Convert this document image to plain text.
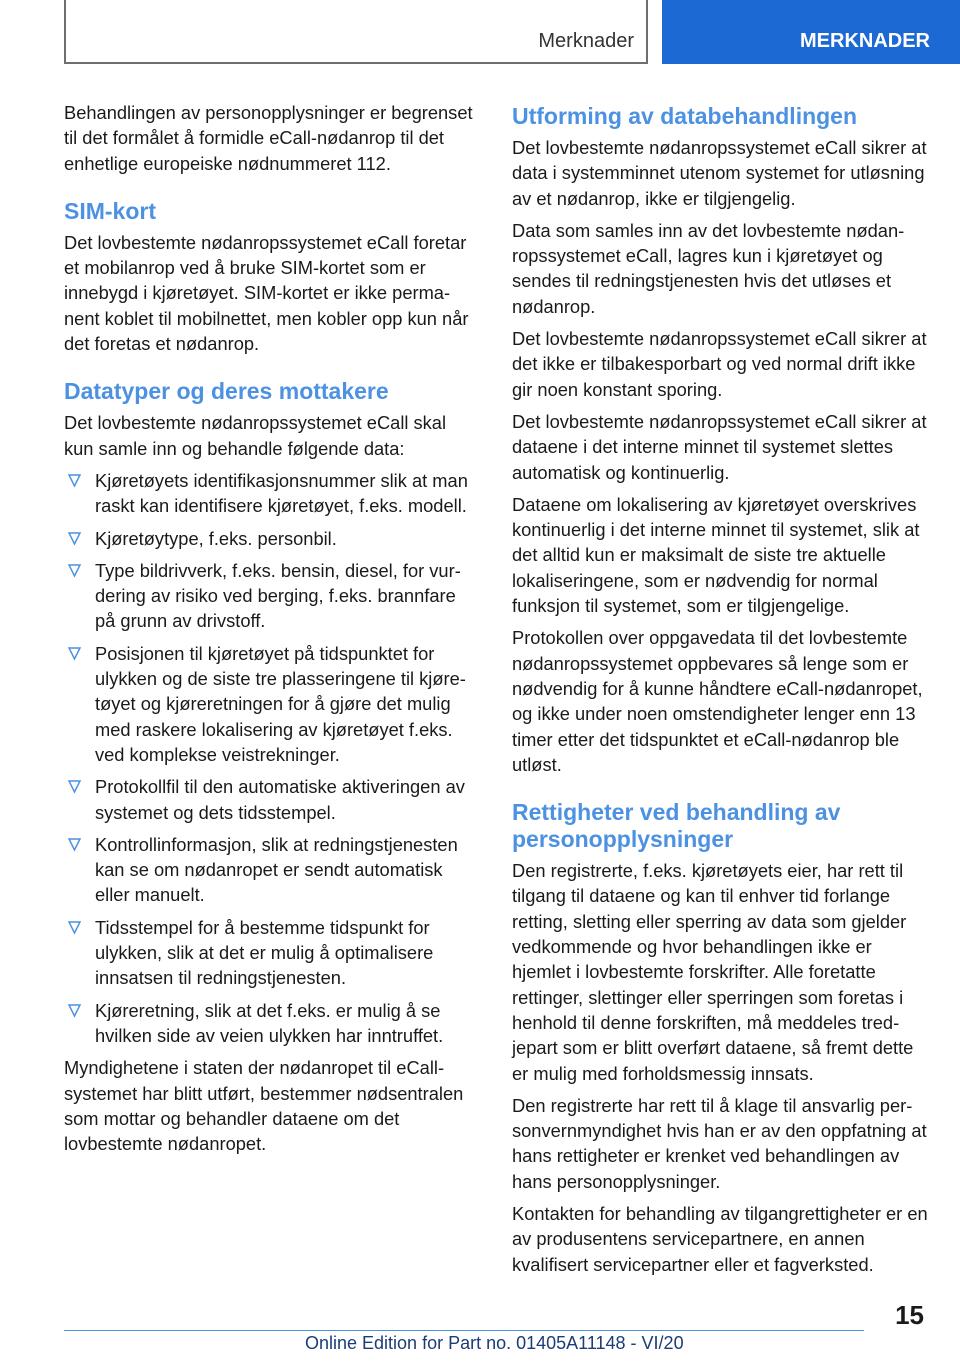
Merknader	MERKNADER

Behandlingen av personopplysninger er begrenset til det formålet å formidle eCall-nødanrop til det enhetlige europeiske nødnummeret 112.

SIM-kort

Det lovbestemte nødanropssystemet eCall foretar et mobilanrop ved å bruke SIM-kortet som er innebygd i kjøretøyet. SIM-kortet er ikke permanent koblet til mobilnettet, men kobler opp kun når det foretas et nødanrop.

Datatyper og deres mottakere

Det lovbestemte nødanropssystemet eCall skal kun samle inn og behandle følgende data:

Kjøretøyets identifikasjonsnummer slik at man raskt kan identifisere kjøretøyet, f.eks. modell.
Kjøretøytype, f.eks. personbil.
Type bildrivverk, f.eks. bensin, diesel, for vurdering av risiko ved berging, f.eks. brannfare på grunn av drivstoff.
Posisjonen til kjøretøyet på tidspunktet for ulykken og de siste tre plasseringene til kjøretøyet og kjøreretningen for å gjøre det mulig med raskere lokalisering av kjøretøyet f.eks. ved komplekse veistrekninger.
Protokollfil til den automatiske aktiveringen av systemet og dets tidsstempel.
Kontrollinformasjon, slik at redningstjenesten kan se om nødanropet er sendt automatisk eller manuelt.
Tidsstempel for å bestemme tidspunkt for ulykken, slik at det er mulig å optimalisere innsatsen til redningstjenesten.
Kjøreretning, slik at det f.eks. er mulig å se hvilken side av veien ulykken har inntruffet.

Myndighetene i staten der nødanropet til eCall-systemet har blitt utført, bestemmer nødsentralen som mottar og behandler dataene om det lovbestemte nødanropet.

Utforming av databehandlingen

Det lovbestemte nødanropssystemet eCall sikrer at data i systemminnet utenom systemet for utløsning av et nødanrop, ikke er tilgjengelig.

Data som samles inn av det lovbestemte nødanropssystemet eCall, lagres kun i kjøretøyet og sendes til redningstjenesten hvis det utløses et nødanrop.

Det lovbestemte nødanropssystemet eCall sikrer at det ikke er tilbakesporbart og ved normal drift ikke gir noen konstant sporing.

Det lovbestemte nødanropssystemet eCall sikrer at dataene i det interne minnet til systemet slettes automatisk og kontinuerlig.

Dataene om lokalisering av kjøretøyet overskrives kontinuerlig i det interne minnet til systemet, slik at det alltid kun er maksimalt de siste tre aktuelle lokaliseringene, som er nødvendig for normal funksjon til systemet, som er tilgjengelige.

Protokollen over oppgavedata til det lovbestemte nødanropssystemet oppbevares så lenge som er nødvendig for å kunne håndtere eCall-nødanropet, og ikke under noen omstendigheter lenger enn 13 timer etter det tidspunktet et eCall-nødanrop ble utløst.

Rettigheter ved behandling av personopplysninger

Den registrerte, f.eks. kjøretøyets eier, har rett til tilgang til dataene og kan til enhver tid forlange retting, sletting eller sperring av data som gjelder vedkommende og hvor behandlingen ikke er hjemlet i lovbestemte forskrifter. Alle foretatte rettinger, slettinger eller sperringen som foretas i henhold til denne forskriften, må meddeles tredjepart som er blitt overført dataene, så fremt dette er mulig med forholdsmessig innsats.

Den registrerte har rett til å klage til ansvarlig personvernmyndighet hvis han er av den oppfatning at hans rettigheter er krenket ved behandlingen av hans personopplysninger.

Kontakten for behandling av tilgangrettigheter er en av produsentens servicepartnere, en annen kvalifisert servicepartner eller et fagverksted.

15
Online Edition for Part no. 01405A11148 - VI/20
